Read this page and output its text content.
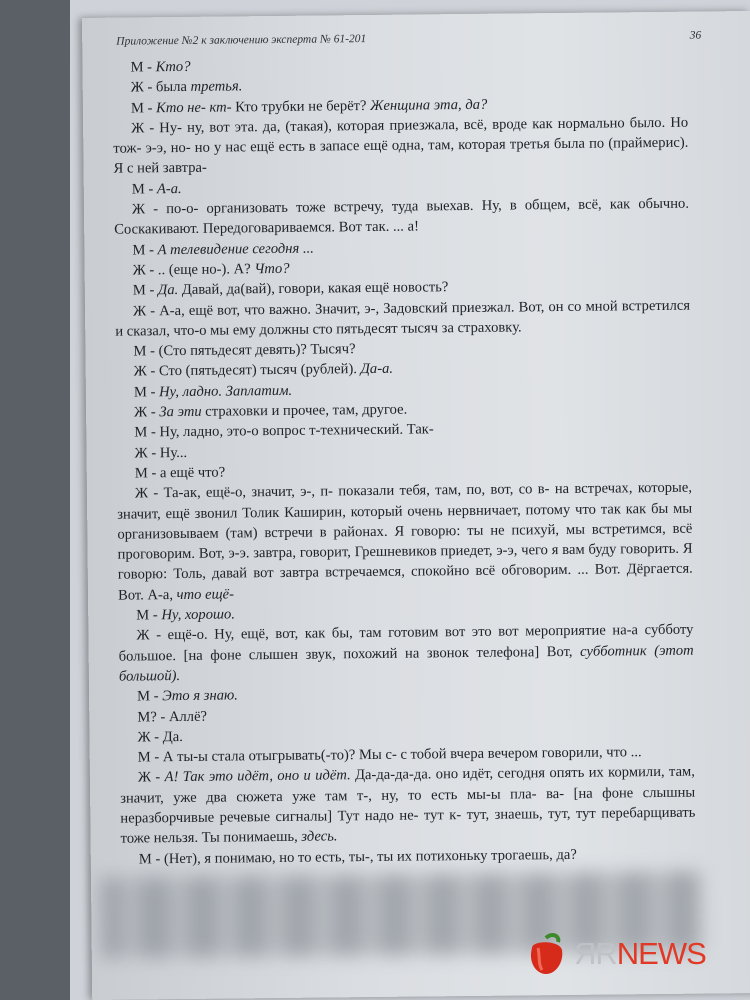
Приложение №2 к заключению эксперта № 61-201	36

М - Кто?

Ж - была третья.

М - Кто не- кт- Кто трубки не берёт? Женщина эта, да?

Ж - Ну- ну, вот эта. да, (такая), которая приезжала, всё, вроде как нормально было. Но тож- э-э, но- но у нас ещё есть в запасе ещё одна, там, которая третья была по (праймерис). Я с ней завтра-

М - А-а.

Ж - по-о- организовать тоже встречу, туда выехав. Ну, в общем, всё, как обычно. Соскакивают. Передоговариваемся. Вот так. ... а!

М - А телевидение сегодня ...

Ж - .. (еще но-). А? Что?

М - Да. Давай, да(вай), говори, какая ещё новость?

Ж - А-а, ещё вот, что важно. Значит, э-, Задовский приезжал. Вот, он со мной встретился и сказал, что-о мы ему должны сто пятьдесят тысяч за страховку.

М - (Сто пятьдесят девять)? Тысяч?

Ж - Сто (пятьдесят) тысяч (рублей). Да-а.

М - Ну, ладно. Заплатим.

Ж - За эти страховки и прочее, там, другое.

М - Ну, ладно, это-о вопрос т-технический. Так-

Ж - Ну...

М - а ещё что?

Ж - Та-ак, ещё-о, значит, э-, п- показали тебя, там, по, вот, со в- на встречах, которые, значит, ещё звонил Толик Каширин, который очень нервничает, потому что так как бы мы организовываем (там) встречи в районах. Я говорю: ты не психуй, мы встретимся, всё проговорим. Вот, э-э. завтра, говорит, Грешневиков приедет, э-э, чего я вам буду говорить. Я говорю: Толь, давай вот завтра встречаемся, спокойно всё обговорим. ... Вот. Дёргается. Вот. А-а, что ещё-

М - Ну, хорошо.

Ж - ещё-о. Ну, ещё, вот, как бы, там готовим вот это вот мероприятие на-а субботу большое. [на фоне слышен звук, похожий на звонок телефона] Вот, субботник (этот большой).

М - Это я знаю.

М? - Аллё?

Ж - Да.

М - А ты-ы стала отыгрывать(-то)? Мы с- с тобой вчера вечером говорили, что ...

Ж - А! Так это идёт, оно и идёт. Да-да-да-да. оно идёт, сегодня опять их кормили, там, значит, уже два сюжета уже там т-, ну, то есть мы-ы пла- ва- [на фоне слышны неразборчивые речевые сигналы] Тут надо не- тут к- тут, знаешь, тут, тут перебарщивать тоже нельзя. Ты понимаешь, здесь.

М - (Нет), я понимаю, но то есть, ты-, ты их потихоньку трогаешь, да?

ЯRNEWS
